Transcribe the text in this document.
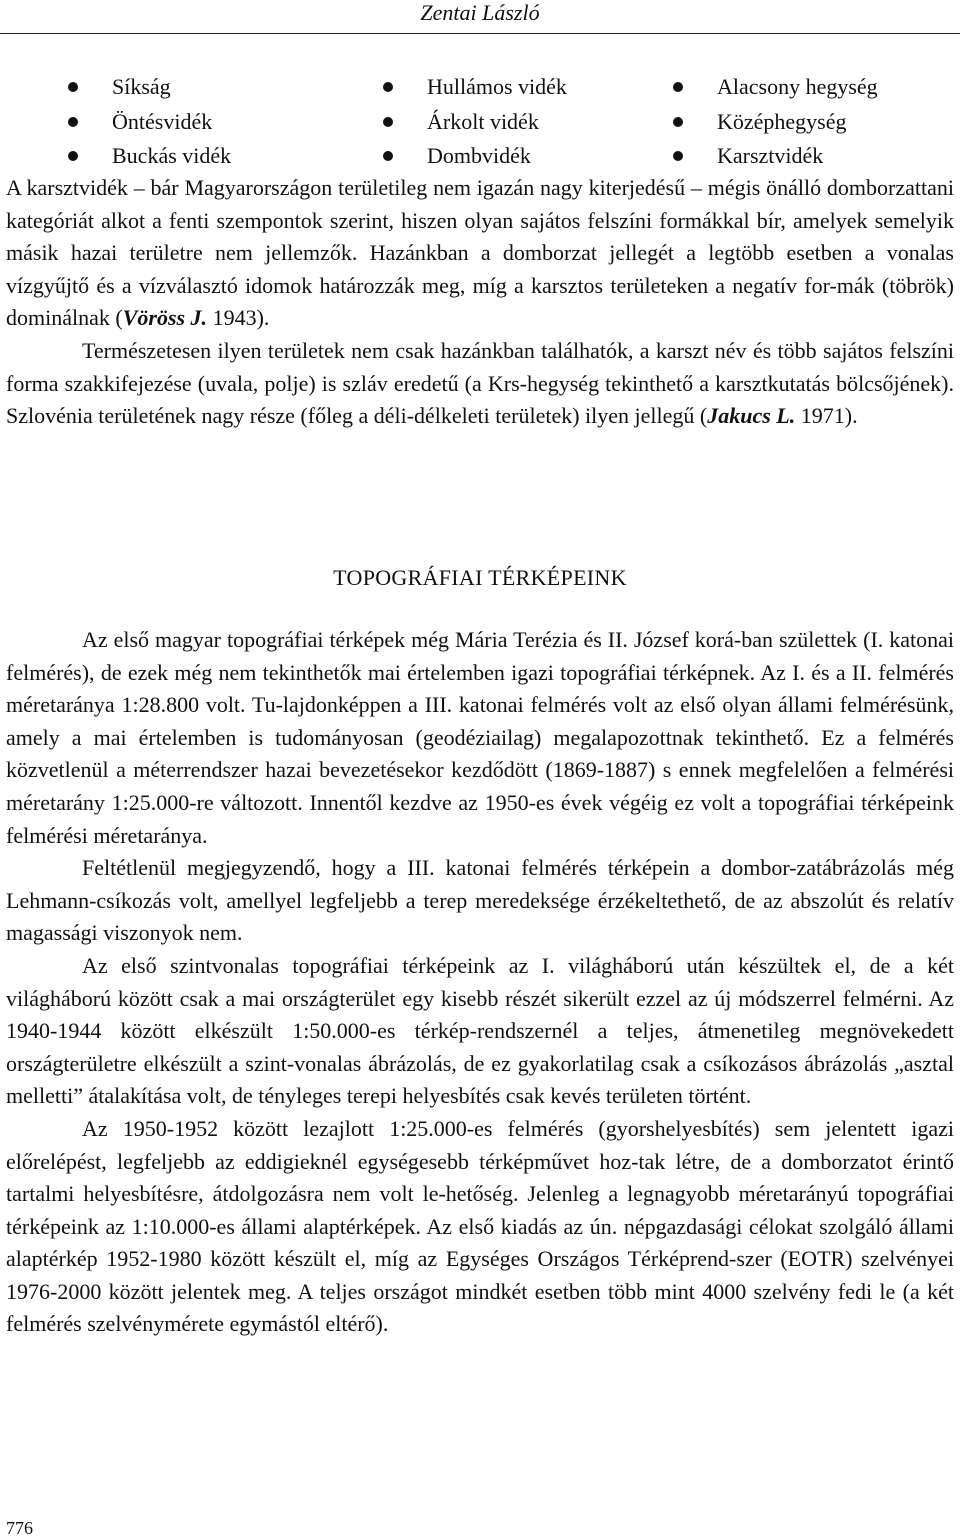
Zentai László
Síkság	Hullámos vidék	Alacsony hegység
Öntésvidék	Árkolt vidék	Középhegység
Buckás vidék	Dombvidék	Karsztvidék

A karsztvidék – bár Magyarországon területileg nem igazán nagy kiterjedésű – mégis önálló domborzattani kategóriát alkot a fenti szempontok szerint, hiszen olyan sajátos felszíni formákkal bír, amelyek semelyik másik hazai területre nem jellemzők. Hazánkban a domborzat jellegét a legtöbb esetben a vonalas vízgyűjtő és a vízválasztó idomok határozzák meg, míg a karsztos területeken a negatív for-mák (töbrök) dominálnak (Vöröss J. 1943).

Természetesen ilyen területek nem csak hazánkban találhatók, a karszt név és több sajátos felszíni forma szakkifejezése (uvala, polje) is szláv eredetű (a Krs-hegység tekinthető a karsztkutatás bölcsőjének). Szlovénia területének nagy része (főleg a déli-délkeleti területek) ilyen jellegű (Jakucs L. 1971).

TOPOGRÁFIAI TÉRKÉPEINK

Az első magyar topográfiai térképek még Mária Terézia és II. József korá-ban születtek (I. katonai felmérés), de ezek még nem tekinthetők mai értelemben igazi topográfiai térképnek. Az I. és a II. felmérés méretaránya 1:28.800 volt. Tu-lajdonképpen a III. katonai felmérés volt az első olyan állami felmérésünk, amely a mai értelemben is tudományosan (geodéziailag) megalapozottnak tekinthető. Ez a felmérés közvetlenül a méterrendszer hazai bevezetésekor kezdődött (1869-1887) s ennek megfelelően a felmérési méretarány 1:25.000-re változott. Innentől kezdve az 1950-es évek végéig ez volt a topográfiai térképeink felmérési méretaránya.

Feltétlenül megjegyzendő, hogy a III. katonai felmérés térképein a dombor-zatábrázolás még Lehmann-csíkozás volt, amellyel legfeljebb a terep meredeksége érzékeltethető, de az abszolút és relatív magassági viszonyok nem.

Az első szintvonalas topográfiai térképeink az I. világháború után készültek el, de a két világháború között csak a mai országterület egy kisebb részét sikerült ezzel az új módszerrel felmérni. Az 1940-1944 között elkészült 1:50.000-es térkép-rendszernél a teljes, átmenetileg megnövekedett országterületre elkészült a szint-vonalas ábrázolás, de ez gyakorlatilag csak a csíkozásos ábrázolás „asztal melletti” átalakítása volt, de tényleges terepi helyesbítés csak kevés területen történt.

Az 1950-1952 között lezajlott 1:25.000-es felmérés (gyorshelyesbítés) sem jelentett igazi előrelépést, legfeljebb az eddigieknél egységesebb térképművet hoz-tak létre, de a domborzatot érintő tartalmi helyesbítésre, átdolgozásra nem volt le-hetőség. Jelenleg a legnagyobb méretarányú topográfiai térképeink az 1:10.000-es állami alaptérképek. Az első kiadás az ún. népgazdasági célokat szolgáló állami alaptérkép 1952-1980 között készült el, míg az Egységes Országos Térképrend-szer (EOTR) szelvényei 1976-2000 között jelentek meg. A teljes országot mindkét esetben több mint 4000 szelvény fedi le (a két felmérés szelvénymérete egymástól eltérő).

776
